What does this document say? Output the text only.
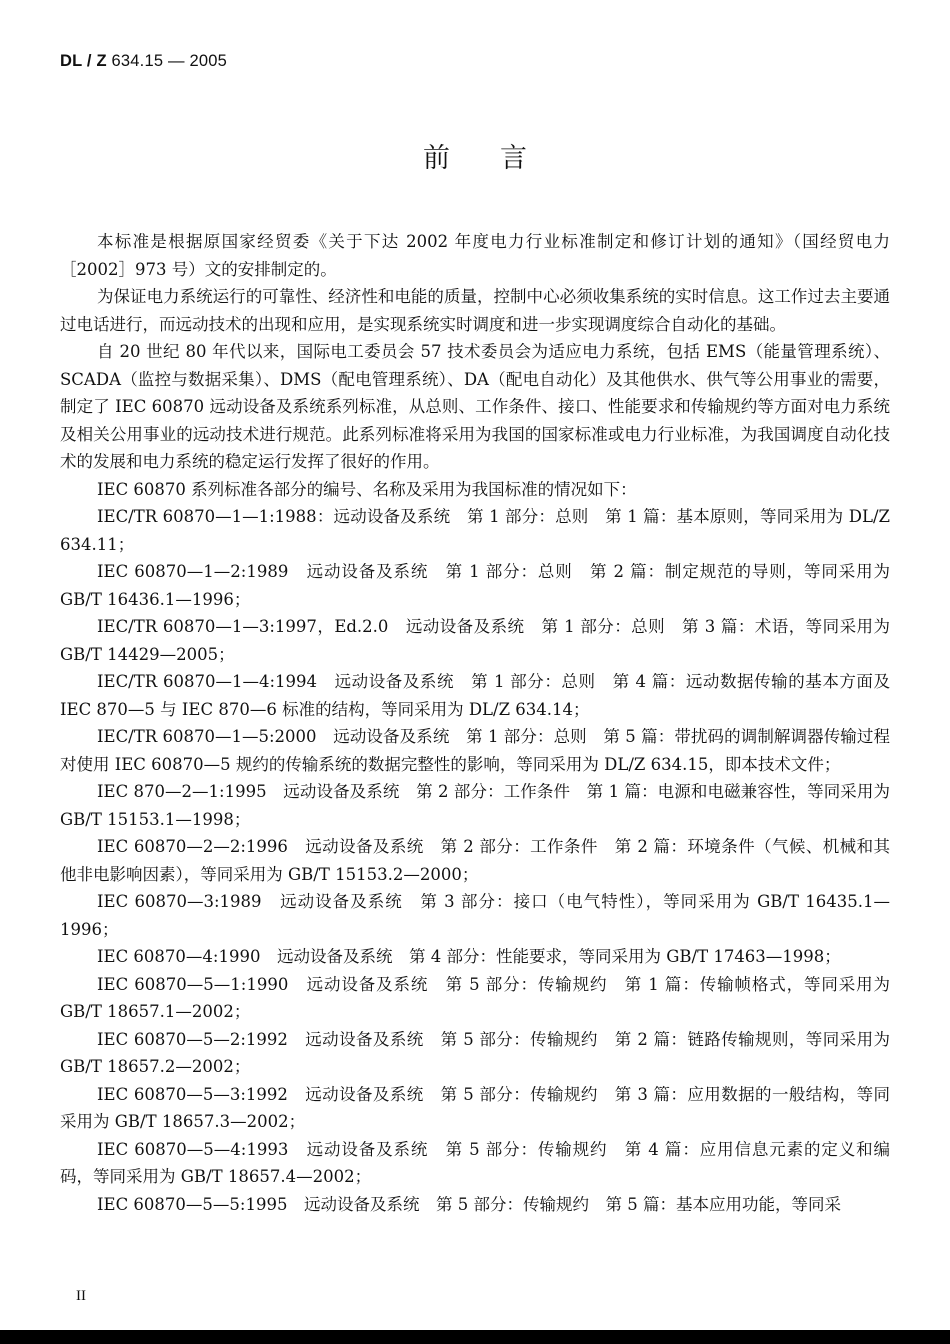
DL / Z 634.15 — 2005
前言

本标准是根据原国家经贸委《关于下达 2002 年度电力行业标准制定和修订计划的通知》（国经贸电力［2002］973 号）文的安排制定的。

为保证电力系统运行的可靠性、经济性和电能的质量，控制中心必须收集系统的实时信息。这工作过去主要通过电话进行，而远动技术的出现和应用，是实现系统实时调度和进一步实现调度综合自动化的基础。

自 20 世纪 80 年代以来，国际电工委员会 57 技术委员会为适应电力系统，包括 EMS（能量管理系统）、SCADA（监控与数据采集）、DMS（配电管理系统）、DA（配电自动化）及其他供水、供气等公用事业的需要，制定了 IEC 60870 远动设备及系统系列标准，从总则、工作条件、接口、性能要求和传输规约等方面对电力系统及相关公用事业的远动技术进行规范。此系列标准将采用为我国的国家标准或电力行业标准，为我国调度自动化技术的发展和电力系统的稳定运行发挥了很好的作用。

IEC 60870 系列标准各部分的编号、名称及采用为我国标准的情况如下：

IEC/TR 60870—1—1:1988：远动设备及系统　第 1 部分：总则　第 1 篇：基本原则，等同采用为 DL/Z 634.11；

IEC 60870—1—2:1989　远动设备及系统　第 1 部分：总则　第 2 篇：制定规范的导则，等同采用为 GB/T 16436.1—1996；

IEC/TR 60870—1—3:1997，Ed.2.0　远动设备及系统　第 1 部分：总则　第 3 篇：术语，等同采用为 GB/T 14429—2005；

IEC/TR 60870—1—4:1994　远动设备及系统　第 1 部分：总则　第 4 篇：远动数据传输的基本方面及 IEC 870—5 与 IEC 870—6 标准的结构，等同采用为 DL/Z 634.14；

IEC/TR 60870—1—5:2000　远动设备及系统　第 1 部分：总则　第 5 篇：带扰码的调制解调器传输过程对使用 IEC 60870—5 规约的传输系统的数据完整性的影响，等同采用为 DL/Z 634.15，即本技术文件；

IEC 870—2—1:1995　远动设备及系统　第 2 部分：工作条件　第 1 篇：电源和电磁兼容性，等同采用为 GB/T 15153.1—1998；

IEC 60870—2—2:1996　远动设备及系统　第 2 部分：工作条件　第 2 篇：环境条件（气候、机械和其他非电影响因素），等同采用为 GB/T 15153.2—2000；

IEC 60870—3:1989　远动设备及系统　第 3 部分：接口（电气特性），等同采用为 GB/T 16435.1—1996；

IEC 60870—4:1990　远动设备及系统　第 4 部分：性能要求，等同采用为 GB/T 17463—1998；

IEC 60870—5—1:1990　远动设备及系统　第 5 部分：传输规约　第 1 篇：传输帧格式，等同采用为 GB/T 18657.1—2002；

IEC 60870—5—2:1992　远动设备及系统　第 5 部分：传输规约　第 2 篇：链路传输规则，等同采用为 GB/T 18657.2—2002；

IEC 60870—5—3:1992　远动设备及系统　第 5 部分：传输规约　第 3 篇：应用数据的一般结构，等同采用为 GB/T 18657.3—2002；

IEC 60870—5—4:1993　远动设备及系统　第 5 部分：传输规约　第 4 篇：应用信息元素的定义和编码，等同采用为 GB/T 18657.4—2002；

IEC 60870—5—5:1995　远动设备及系统　第 5 部分：传输规约　第 5 篇：基本应用功能，等同采

II
